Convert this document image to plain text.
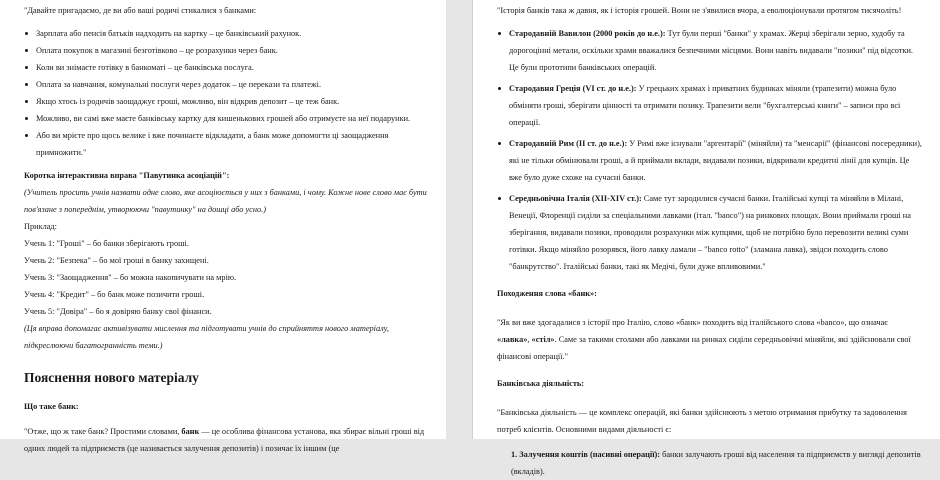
"Давайте пригадаємо, де ви або ваші родичі стикалися з банками:

Зарплата або пенсія батьків надходить на картку – це банківський рахунок.
Оплата покупок в магазині безготівково – це розрахунки через банк.
Коли ви знімаєте готівку в банкоматі – це банківська послуга.
Оплата за навчання, комунальні послуги через додаток – це перекази та платежі.
Якщо хтось із родичів заощаджує гроші, можливо, він відкрив депозит – це теж банк.
Можливо, ви самі вже маєте банківську картку для кишенькових грошей або отримуєте на неї подарунки.
Або ви мрієте про щось велике і вже починаєте відкладати, а банк може допомогти ці заощадження примножити."

Коротка інтерактивна вправа "Павутинка асоціацій":

(Учитель просить учнів назвати одне слово, яке асоціюється у них з банками, і чому. Кожне нове слово має бути пов'язане з попереднім, утворюючи "павутинку" на дошці або усно.)

Приклад:

Учень 1: "Гроші" – бо банки зберігають гроші.

Учень 2: "Безпека" – бо мої гроші в банку захищені.

Учень 3: "Заощадження" – бо можна накопичувати на мрію.

Учень 4: "Кредит" – бо банк може позичити гроші.

Учень 5: "Довіра" – бо я довіряю банку свої фінанси.

(Ця вправа допомагає активізувати мислення та підготувати учнів до сприйняття нового матеріалу, підкреслюючи багатогранність теми.)

Пояснення нового матеріалу

Що таке банк:

"Отже, що ж таке банк? Простими словами, банк — це особлива фінансова установа, яка збирає вільні гроші від одних людей та підприємств (це називається залучення депозитів) і позичає їх іншим (це

"Історія банків така ж давня, як і історія грошей. Вони не з'явилися вчора, а еволюціонували протягом тисячоліть!

Стародавній Вавилон (2000 років до н.е.): Тут були перші "банки" у храмах. Жерці зберігали зерно, худобу та дорогоцінні метали, оскільки храми вважалися безпечними місцями. Вони навіть видавали "позики" під відсотки. Це були прототипи банківських операцій.
Стародавня Греція (VI ст. до н.е.): У грецьких храмах і приватних будинках міняли (трапезити) можна було обміняти гроші, зберігати цінності та отримати позику. Трапезити вели "бухгалтерські книги" – записи про всі операції.
Стародавній Рим (II ст. до н.е.): У Римі вже існували "аргентарії" (міняйли) та "менсарії" (фінансові посередники), які не тільки обмінювали гроші, а й приймали вклади, видавали позики, відкривали кредитні лінії для купців. Це вже було дуже схоже на сучасні банки.
Середньовічна Італія (XII-XIV ст.): Саме тут зародилися сучасні банки. Італійські купці та міняйли в Мілані, Венеції, Флоренції сиділи за спеціальними лавками (італ. "banco") на ринкових площах. Вони приймали гроші на зберігання, видавали позики, проводили розрахунки між купцями, щоб не потрібно було перевозити великі суми готівки. Якщо міняйло розорявся, його лавку ламали – "banco rotto" (зламана лавка), звідси походить слово "банкрутство". Італійські банки, такі як Медічі, були дуже впливовими."

Походження слова «банк»:

"Як ви вже здогадалися з історії про Італію, слово «банк» походить від італійського слова «banco», що означає «лавка», «стіл». Саме за такими столами або лавками на ринках сиділи середньовічні міняйли, які здійснювали свої фінансові операції."

Банківська діяльність:

"Банківська діяльність — це комплекс операцій, які банки здійснюють з метою отримання прибутку та задоволення потреб клієнтів. Основними видами діяльності є:

1. Залучення коштів (пасивні операції): банки залучають гроші від населення та підприємств у вигляді депозитів (вкладів).
